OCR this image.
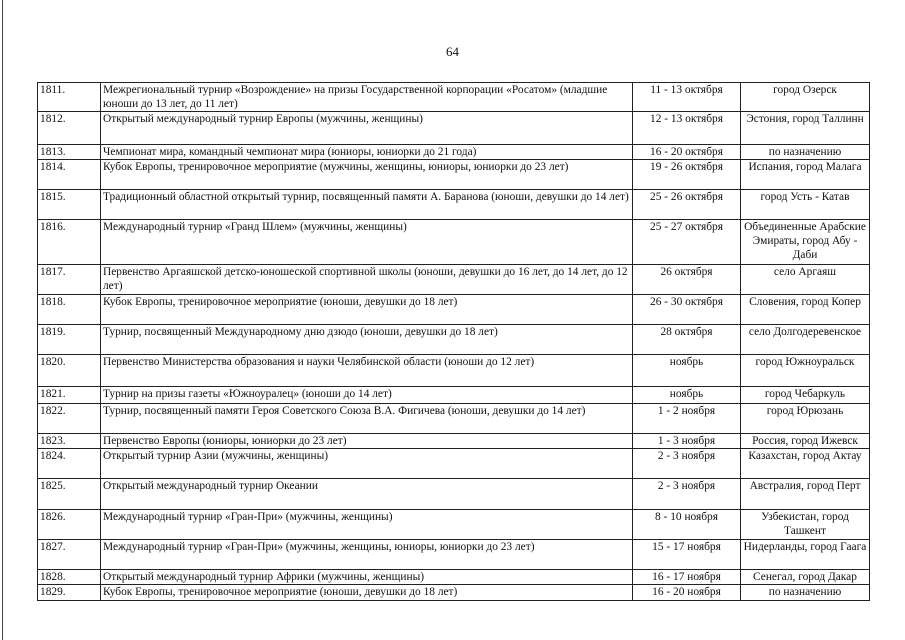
64
1811.	Межрегиональный турнир «Возрождение» на призы Государственной корпорации «Росатом» (младшие юноши до 13 лет, до 11 лет)	11 - 13 октября	город Озерск
1812.	Открытый международный турнир Европы (мужчины, женщины)	12 - 13 октября	Эстония, город Таллинн
1813.	Чемпионат мира, командный чемпионат мира (юниоры, юниорки до 21 года)	16 - 20 октября	по назначению
1814.	Кубок Европы, тренировочное мероприятие (мужчины, женщины, юниоры, юниорки до 23 лет)	19 - 26 октября	Испания, город Малага
1815.	Традиционный областной открытый турнир, посвященный памяти А. Баранова (юноши, девушки до 14 лет)	25 - 26 октября	город Усть - Катав
1816.	Международный турнир «Гранд Шлем» (мужчины, женщины)	25 - 27 октября	Объединенные Арабские Эмираты, город Абу - Даби
1817.	Первенство Аргаяшской детско-юношеской спортивной школы (юноши, девушки до 16 лет, до 14 лет, до 12 лет)	26 октября	село Аргаяш
1818.	Кубок Европы, тренировочное мероприятие (юноши, девушки до 18 лет)	26 - 30 октября	Словения, город Копер
1819.	Турнир, посвященный Международному дню дзюдо (юноши, девушки до 18 лет)	28 октября	село Долгодеревенское
1820.	Первенство Министерства образования и науки Челябинской области (юноши до 12 лет)	ноябрь	город Южноуральск
1821.	Турнир на призы газеты «Южноуралец» (юноши до 14 лет)	ноябрь	город Чебаркуль
1822.	Турнир, посвященный памяти Героя Советского Союза В.А. Фигичева (юноши, девушки до 14 лет)	1 - 2 ноября	город Юрюзань
1823.	Первенство Европы (юниоры, юниорки до 23 лет)	1 - 3 ноября	Россия, город Ижевск
1824.	Открытый турнир Азии (мужчины, женщины)	2 - 3 ноября	Казахстан, город Актау
1825.	Открытый международный турнир Океании	2 - 3 ноября	Австралия, город Перт
1826.	Международный турнир «Гран-При» (мужчины, женщины)	8 - 10 ноября	Узбекистан, город Ташкент
1827.	Международный турнир «Гран-При» (мужчины, женщины, юниоры, юниорки до 23 лет)	15 - 17 ноября	Нидерланды, город Гаага
1828.	Открытый международный турнир Африки (мужчины, женщины)	16 - 17 ноября	Сенегал, город Дакар
1829.	Кубок Европы, тренировочное мероприятие (юноши, девушки до 18 лет)	16 - 20 ноября	по назначению
